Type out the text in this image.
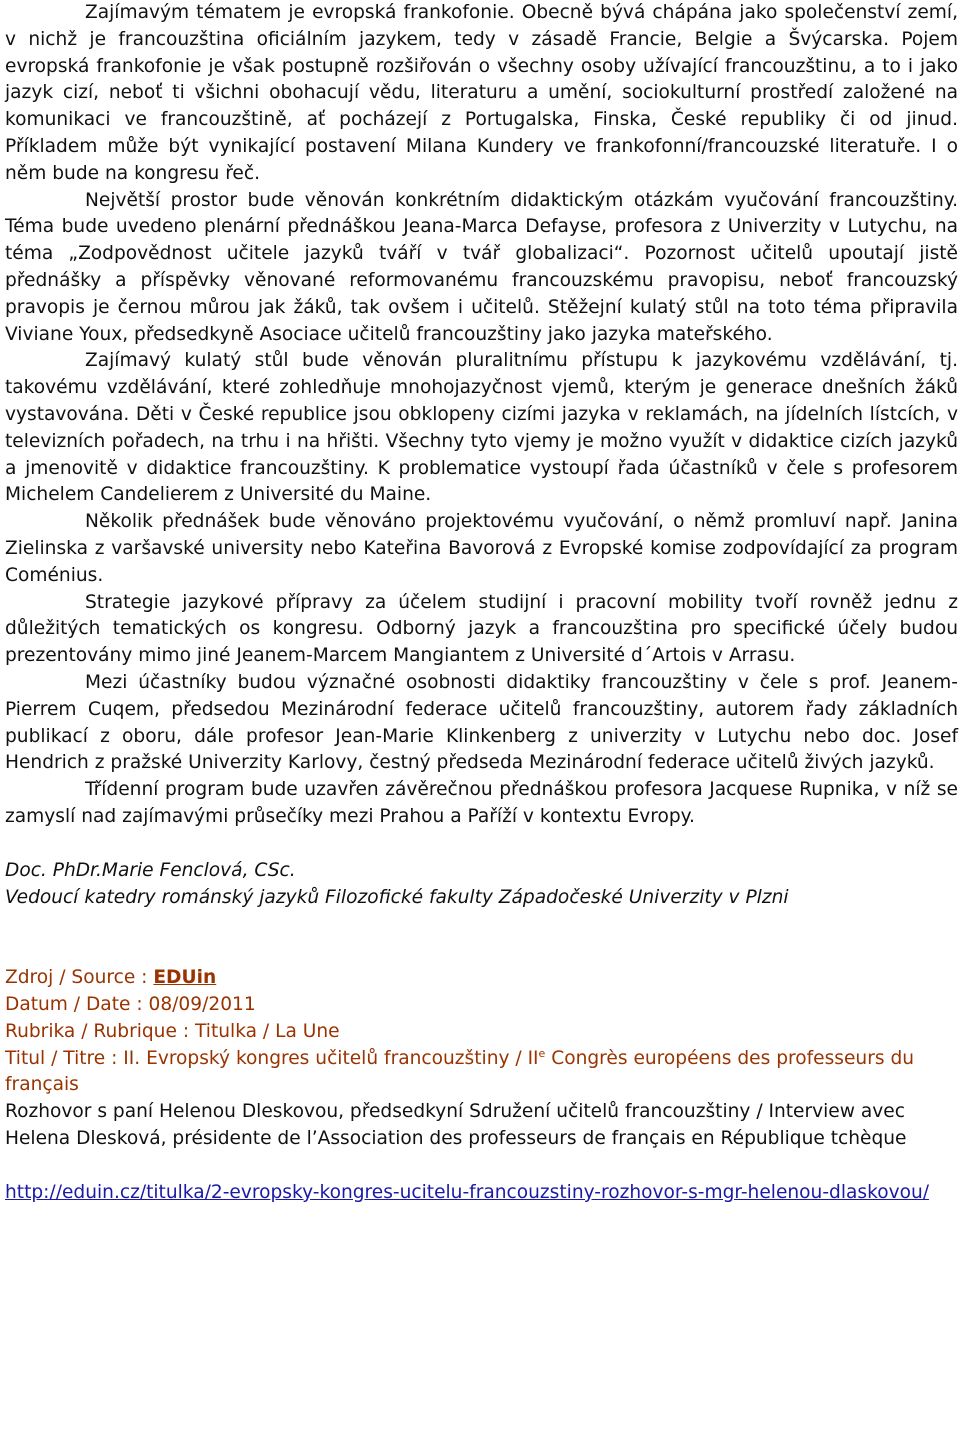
Zajímavým tématem je evropská frankofonie. Obecně bývá chápána jako společenství zemí, v nichž je francouzština oficiálním jazykem, tedy v zásadě Francie, Belgie a Švýcarska. Pojem evropská frankofonie je však postupně rozšiřován o všechny osoby užívající francouzštinu, a to i jako jazyk cizí, neboť ti všichni obohacují vědu, literaturu a umění, sociokulturní prostředí založené na komunikaci ve francouzštině, ať pocházejí z Portugalska, Finska, České republiky či od jinud. Příkladem může být vynikající postavení Milana Kundery ve frankofonní/francouzské literatuře. I o něm bude na kongresu řeč.

Největší prostor bude věnován konkrétním didaktickým otázkám vyučování francouzštiny. Téma bude uvedeno plenární přednáškou Jeana-Marca Defayse, profesora z Univerzity v Lutychu, na téma „Zodpovědnost učitele jazyků tváří v tvář globalizaci“. Pozornost učitelů upoutají jistě přednášky a příspěvky věnované reformovanému francouzskému pravopisu, neboť francouzský pravopis je černou můrou jak žáků, tak ovšem i učitelů. Stěžejní kulatý stůl na toto téma připravila Viviane Youx, předsedkyně Asociace učitelů francouzštiny jako jazyka mateřského.

Zajímavý kulatý stůl bude věnován pluralitnímu přístupu k jazykovému vzdělávání, tj. takovému vzdělávání, které zohledňuje mnohojazyčnost vjemů, kterým je generace dnešních žáků vystavována. Děti v České republice jsou obklopeny cizími jazyka v reklamách, na jídelních lístcích, v televizních pořadech, na trhu i na hřišti. Všechny tyto vjemy je možno využít v didaktice cizích jazyků a jmenovitě v didaktice francouzštiny. K problematice vystoupí řada účastníků v čele s profesorem Michelem Candelierem z Université du Maine.

Několik přednášek bude věnováno projektovému vyučování, o němž promluví např. Janina Zielinska z varšavské university nebo Kateřina Bavorová z Evropské komise zodpovídající za program Coménius.

Strategie jazykové přípravy za účelem studijní i pracovní mobility tvoří rovněž jednu z důležitých tematických os kongresu. Odborný jazyk a francouzština pro specifické účely budou prezentovány mimo jiné Jeanem-Marcem Mangiantem z Université d´Artois v Arrasu.

Mezi účastníky budou význačné osobnosti didaktiky francouzštiny v čele s prof. Jeanem-Pierrem Cuqem, předsedou Mezinárodní federace učitelů francouzštiny, autorem řady základních publikací z oboru, dále profesor Jean-Marie Klinkenberg z univerzity v Lutychu nebo doc. Josef Hendrich z pražské Univerzity Karlovy, čestný předseda Mezinárodní federace učitelů živých jazyků.

Třídenní program bude uzavřen závěrečnou přednáškou profesora Jacquese Rupnika, v níž se zamyslí nad zajímavými průsečíky mezi Prahou a Paříží v kontextu Evropy.

Doc. PhDr.Marie Fenclová, CSc.

Vedoucí katedry románský jazyků Filozofické fakulty Západočeské Univerzity v Plzni

Zdroj / Source : EDUin

Datum / Date : 08/09/2011

Rubrika / Rubrique : Titulka / La Une

Titul / Titre : II. Evropský kongres učitelů francouzštiny / IIe Congrès européens des professeurs du français

Rozhovor s paní Helenou Dleskovou, předsedkyní Sdružení učitelů francouzštiny / Interview avec Helena Dlesková, présidente de l’Association des professeurs de français en République tchèque

http://eduin.cz/titulka/2-evropsky-kongres-ucitelu-francouzstiny-rozhovor-s-mgr-helenou-dlaskovou/
